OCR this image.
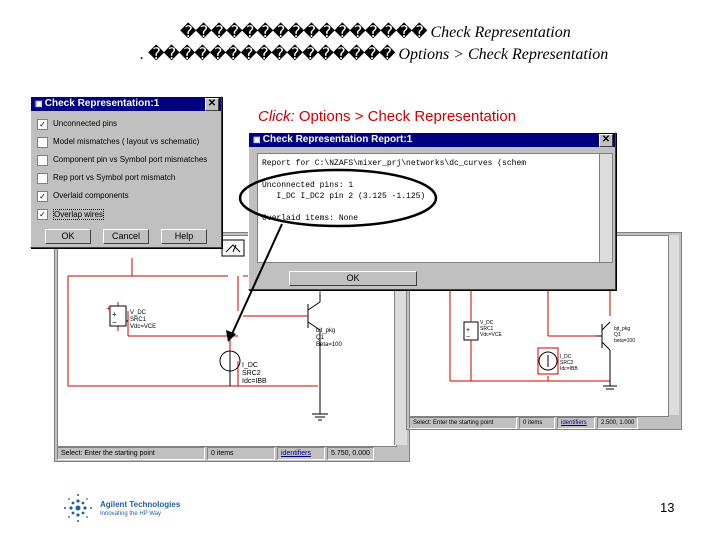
���������������� Check Representation
. ���������������� Options > Check Representation
Click: Options > Check Representation
+
−
+	V_DC
SRC1
Vdc=VCE
bjt_pkg
Q1
Beta=100
I_DC
SRC2
Idc=IBB
Select: Enter the starting point	0 items	identifiers	5.750, 0.000
+
−
V_DC
SRC1
Vdc=VCE
bjt_pkg
Q1
beta=100
I_DC
SRC2
Idc=IBB
Select: Enter the starting point	0 items	identifiers 2.500, 1.000
▣ Check Representation Report:1	✕
Report for C:\NZAFS\mixer_prj\networks\dc_curves (schem
Unconnected pins: 1
I_DC I_DC2 pin 2 (3.125 -1.125)
Overlaid items: None
OK
▣ Check Representation:1	✕
✓ Unconnected pins
Model mismatches ( layout vs schematic)
Component pin vs Symbol port mismatches
Rep port vs Symbol port mismatch
✓ Overlaid components
✓ Overlap wires
OK	Cancel	Help
Agilent Technologies
Innovating the HP Way	13
